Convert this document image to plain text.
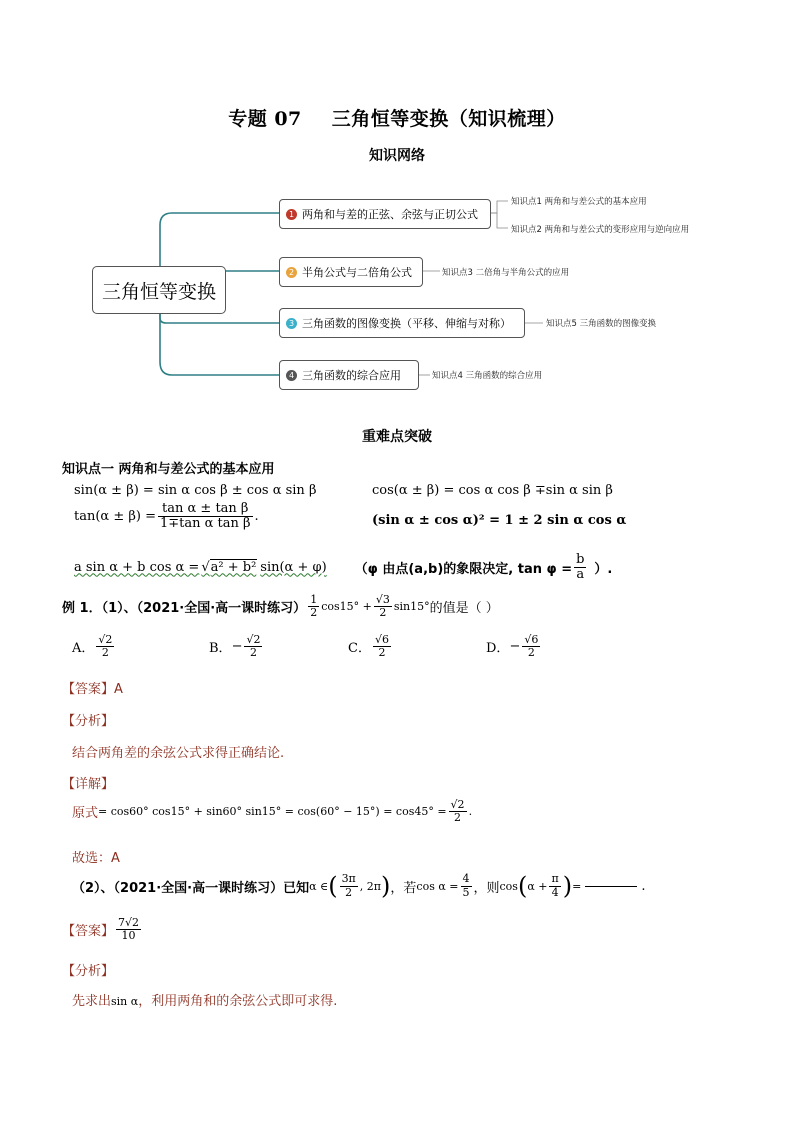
专题 07 三角恒等变换（知识梳理）
知识网络
三角恒等变换
1 两角和与差的正弦、余弦与正切公式
2 半角公式与二倍角公式
3 三角函数的图像变换（平移、伸缩与对称）
4 三角函数的综合应用
知识点1 两角和与差公式的基本应用
知识点2 两角和与差公式的变形应用与逆向应用
知识点3 二倍角与半角公式的应用
知识点5 三角函数的图像变换
知识点4 三角函数的综合应用
重难点突破
知识点一 两角和与差公式的基本应用
sin(α ± β) = sin α cos β ± cos α sin β	cos(α ± β) = cos α cos β ∓sin α sin β
$\tan(\alpha \pm \beta) = \frac{\text{tan α ± tan β}}{\text{1∓tan α tan β}}$ .	(sin α ± cos α)² = 1 ± 2 sin α cos α
a sin α + b cos α = √a² + b² sin(α + φ) （φ 由点(a,b)的象限决定, $\tan \varphi = \frac{b}{a}$ ）.
例 1．（1）、（2021·全国·高一课时练习） $\frac{1}{2} \cos 15^\circ + \frac{√3}{2} \sin 15^\circ$ 的值是（ ）
A． $\frac{√2}{2}$	B． − $\frac{√2}{2}$	C． $\frac{√6}{2}$	D． − $\frac{√6}{2}$
【答案】A
【分析】
结合两角差的余弦公式求得正确结论.
【详解】
原式 = cos60° cos15° + sin60° $\sin 15^\circ = \cos(60^\circ - 15^\circ) = \cos 45^\circ = \frac{√2}{2}$ .
故选：A
（2）、（2021·全国·高一课时练习）已知 α ∈ ( $\frac{3\pi}{2}$ , 2π ) ，若 $\cos \alpha = \frac{4}{5}$ ，则 cos ( $\alpha + \frac{\pi}{4}$ ) =	.
【答案】 $\frac{7√2}{10}$
【分析】
先求出sin α，利用两角和的余弦公式即可求得.
